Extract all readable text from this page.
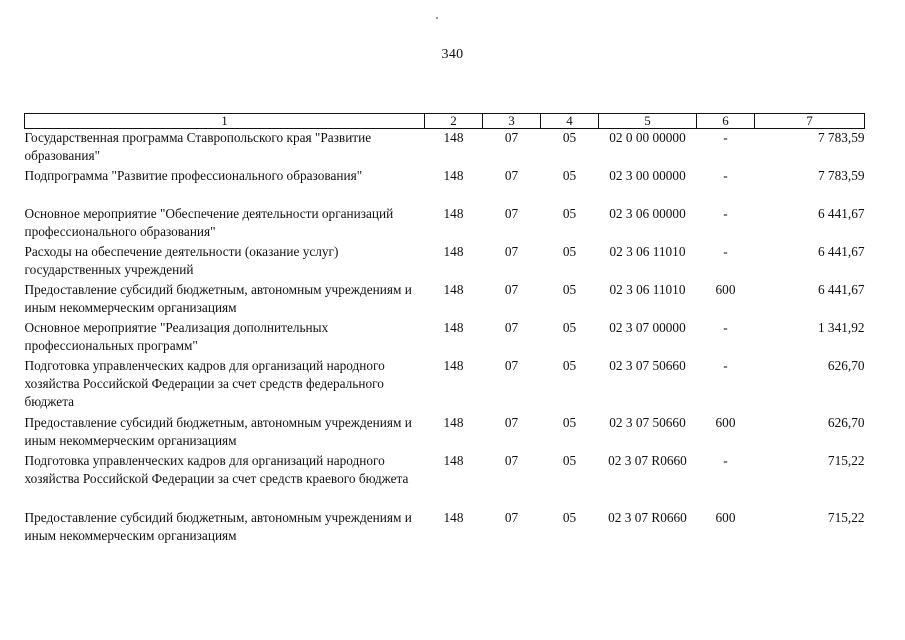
340
1	2	3	4	5	6	7
Государственная программа Ставропольского края "Развитие образования"	148	07	05	02 0 00 00000	-	7 783,59
Подпрограмма "Развитие профессионального образования"	148	07	05	02 3 00 00000	-	7 783,59
Основное мероприятие "Обеспечение деятельности организаций профессионального образования"	148	07	05	02 3 06 00000	-	6 441,67
Расходы на обеспечение деятельности (оказание услуг) государственных учреждений	148	07	05	02 3 06 11010	-	6 441,67
Предоставление субсидий бюджетным, автономным учреждениям и иным некоммерческим организациям	148	07	05	02 3 06 11010	600	6 441,67
Основное мероприятие "Реализация дополнительных профессиональных программ"	148	07	05	02 3 07 00000	-	1 341,92
Подготовка управленческих кадров для организаций народного хозяйства Российской Федерации за счет средств федерального бюджета	148	07	05	02 3 07 50660	-	626,70
Предоставление субсидий бюджетным, автономным учреждениям и иным некоммерческим организациям	148	07	05	02 3 07 50660	600	626,70
Подготовка управленческих кадров для организаций народного хозяйства Российской Федерации за счет средств краевого бюджета	148	07	05	02 3 07 R0660	-	715,22
Предоставление субсидий бюджетным, автономным учреждениям и иным некоммерческим организациям	148	07	05	02 3 07 R0660	600	715,22
